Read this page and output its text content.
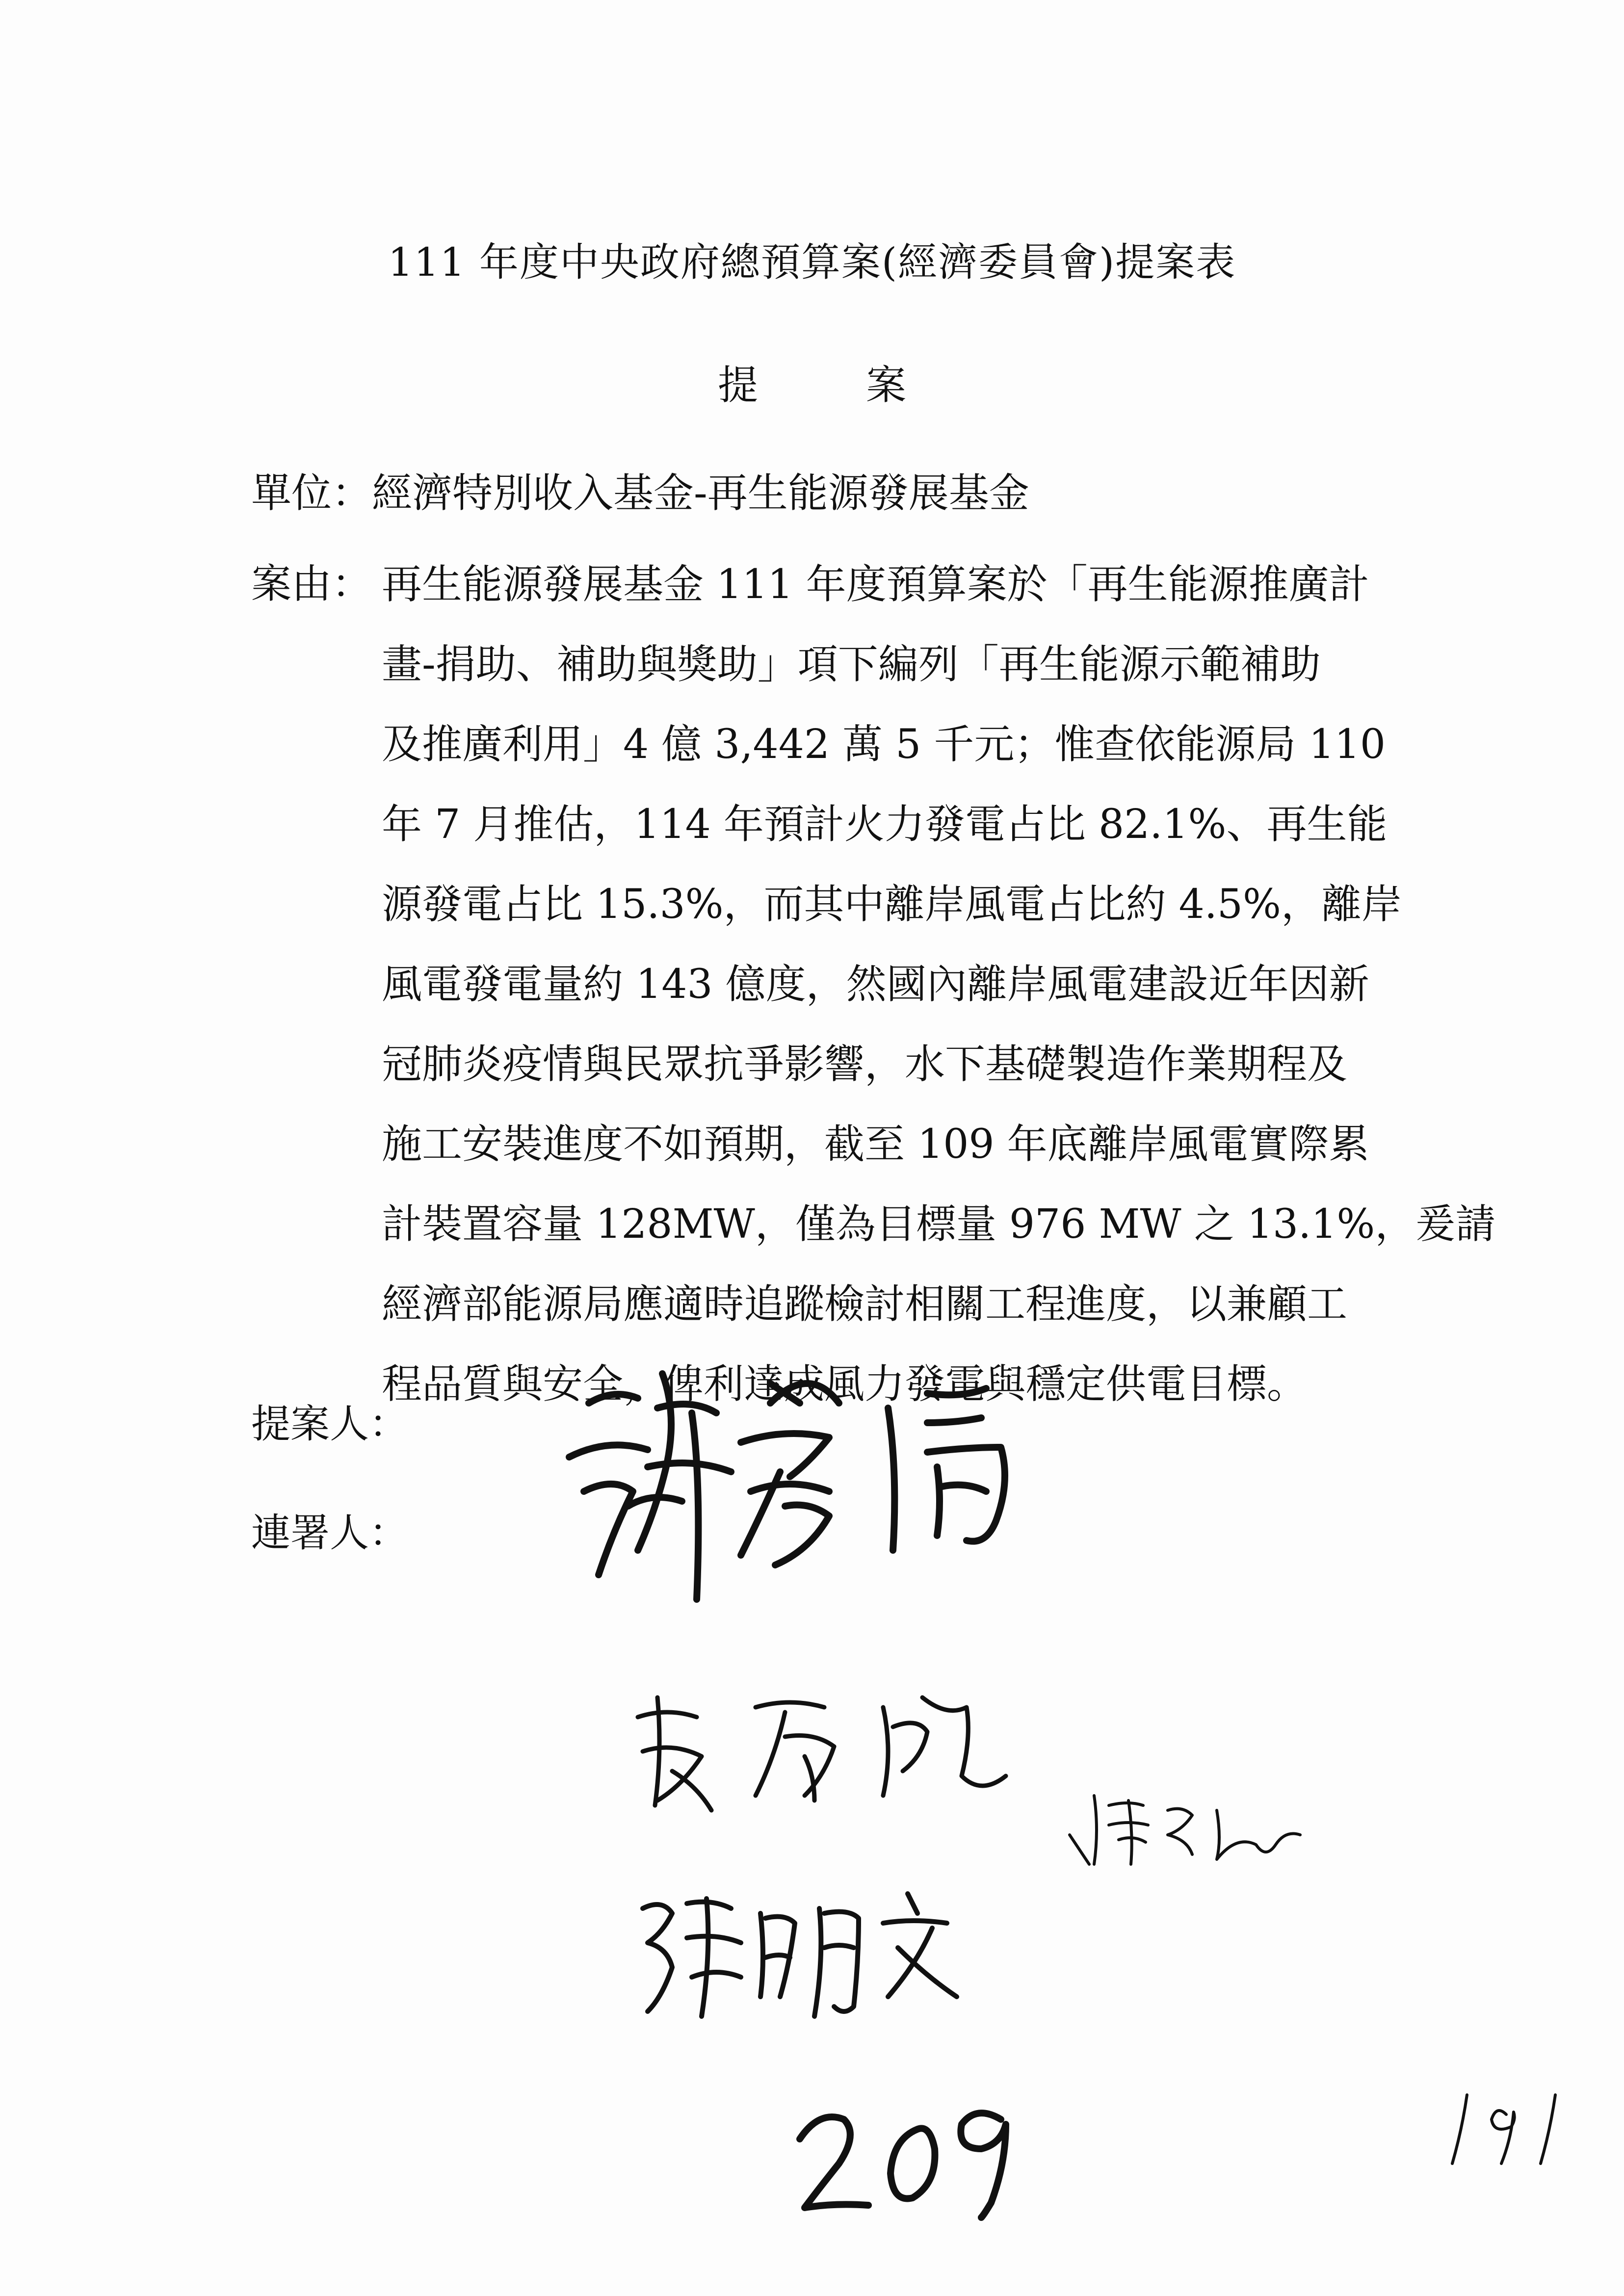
111 年度中央政府總預算案(經濟委員會)提案表
提案
單位：經濟特別收入基金-再生能源發展基金
案由： 再生能源發展基金 111 年度預算案於「再生能源推廣計
畫-捐助、補助與獎助」項下編列「再生能源示範補助
及推廣利用」4 億 3,442 萬 5 千元；惟查依能源局 110
年 7 月推估，114 年預計火力發電占比 82.1%、再生能
源發電占比 15.3%，而其中離岸風電占比約 4.5%，離岸
風電發電量約 143 億度，然國內離岸風電建設近年因新
冠肺炎疫情與民眾抗爭影響，水下基礎製造作業期程及
施工安裝進度不如預期，截至 109 年底離岸風電實際累
計裝置容量 128MW，僅為目標量 976 MW 之 13.1%，爰請
經濟部能源局應適時追蹤檢討相關工程進度，以兼顧工
程品質與安全，俾利達成風力發電與穩定供電目標。
提案人：
連署人：
